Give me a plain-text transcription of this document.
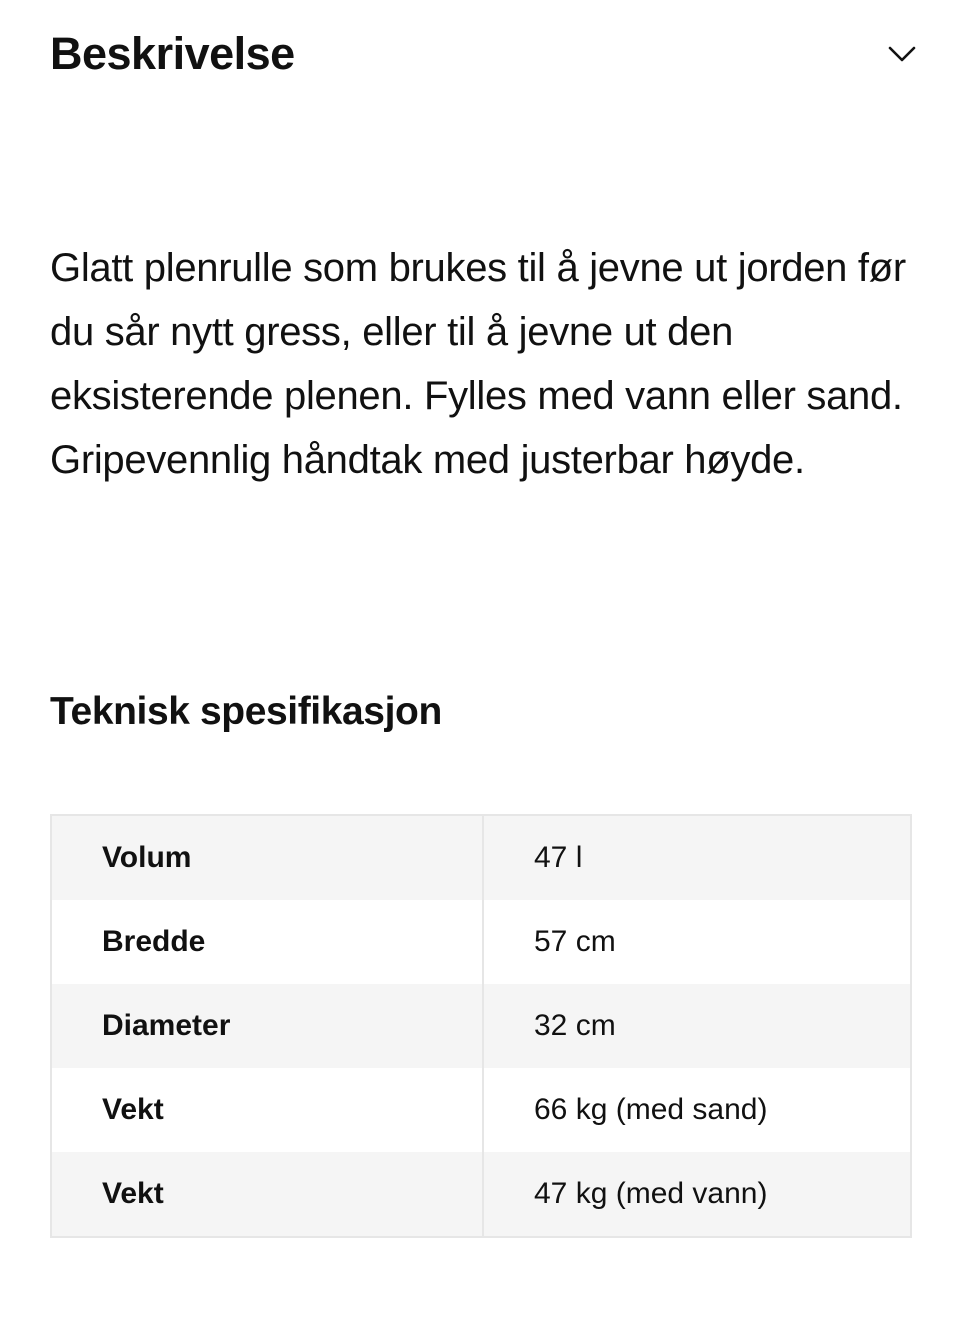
Beskrivelse

Glatt plenrulle som brukes til å jevne ut jorden før du sår nytt gress, eller til å jevne ut den eksisterende plenen. Fylles med vann eller sand. Gripevennlig håndtak med justerbar høyde.

Teknisk spesifikasjon
Volum	47 l
Bredde	57 cm
Diameter	32 cm
Vekt	66 kg (med sand)
Vekt	47 kg (med vann)
